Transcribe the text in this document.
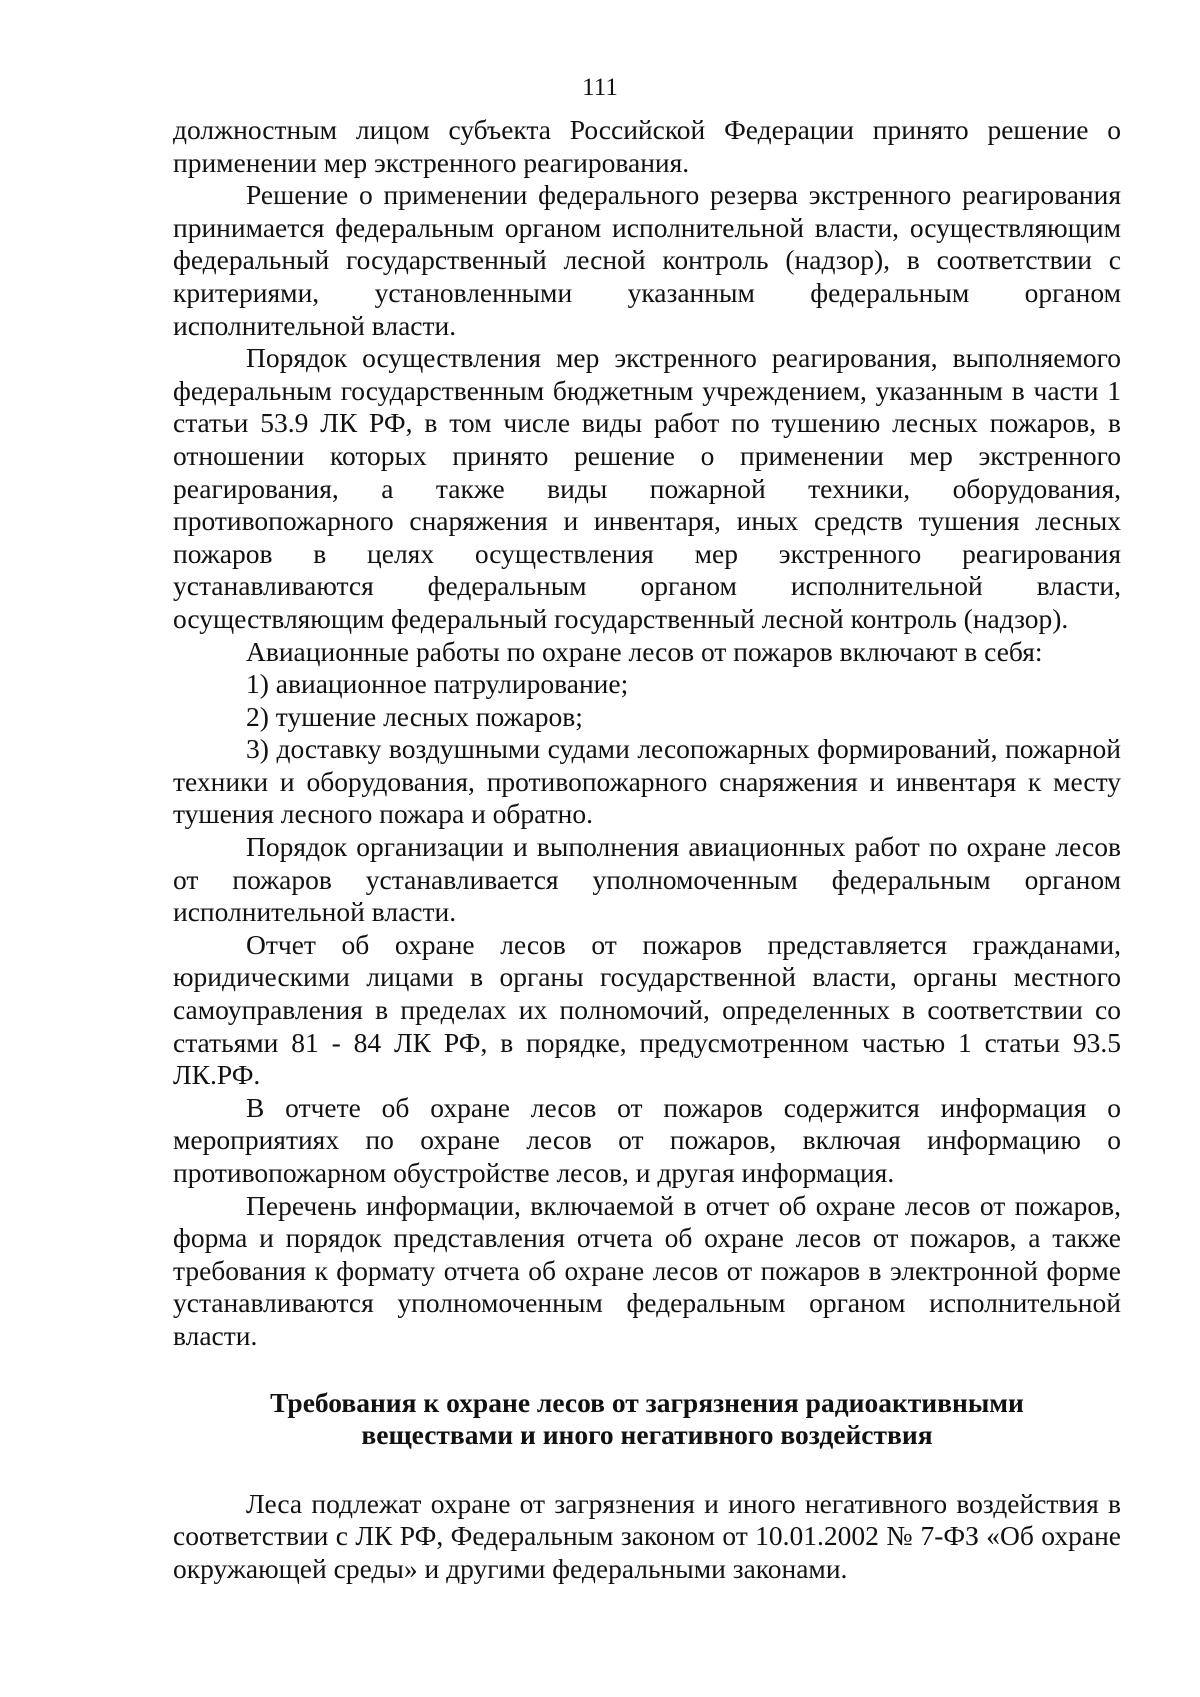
111

должностным лицом субъекта Российской Федерации принято решение о применении мер экстренного реагирования.

Решение о применении федерального резерва экстренного реагирования принимается федеральным органом исполнительной власти, осуществляющим федеральный государственный лесной контроль (надзор), в соответствии с критериями, установленными указанным федеральным органом исполнительной власти.

Порядок осуществления мер экстренного реагирования, выполняемого федеральным государственным бюджетным учреждением, указанным в части 1 статьи 53.9 ЛК РФ, в том числе виды работ по тушению лесных пожаров, в отношении которых принято решение о применении мер экстренного реагирования, а также виды пожарной техники, оборудования, противопожарного снаряжения и инвентаря, иных средств тушения лесных пожаров в целях осуществления мер экстренного реагирования устанавливаются федеральным органом исполнительной власти, осуществляющим федеральный государственный лесной контроль (надзор).

Авиационные работы по охране лесов от пожаров включают в себя:

1) авиационное патрулирование;

2) тушение лесных пожаров;

3) доставку воздушными судами лесопожарных формирований, пожарной техники и оборудования, противопожарного снаряжения и инвентаря к месту тушения лесного пожара и обратно.

Порядок организации и выполнения авиационных работ по охране лесов от пожаров устанавливается уполномоченным федеральным органом исполнительной власти.

Отчет об охране лесов от пожаров представляется гражданами, юридическими лицами в органы государственной власти, органы местного самоуправления в пределах их полномочий, определенных в соответствии со статьями 81 - 84 ЛК РФ, в порядке, предусмотренном частью 1 статьи 93.5 ЛК.РФ.

В отчете об охране лесов от пожаров содержится информация о мероприятиях по охране лесов от пожаров, включая информацию о противопожарном обустройстве лесов, и другая информация.

Перечень информации, включаемой в отчет об охране лесов от пожаров, форма и порядок представления отчета об охране лесов от пожаров, а также требования к формату отчета об охране лесов от пожаров в электронной форме устанавливаются уполномоченным федеральным органом исполнительной власти.

Требования к охране лесов от загрязнения радиоактивными
веществами и иного негативного воздействия

Леса подлежат охране от загрязнения и иного негативного воздействия в соответствии с ЛК РФ, Федеральным законом от 10.01.2002 № 7-ФЗ «Об охране окружающей среды» и другими федеральными законами.
